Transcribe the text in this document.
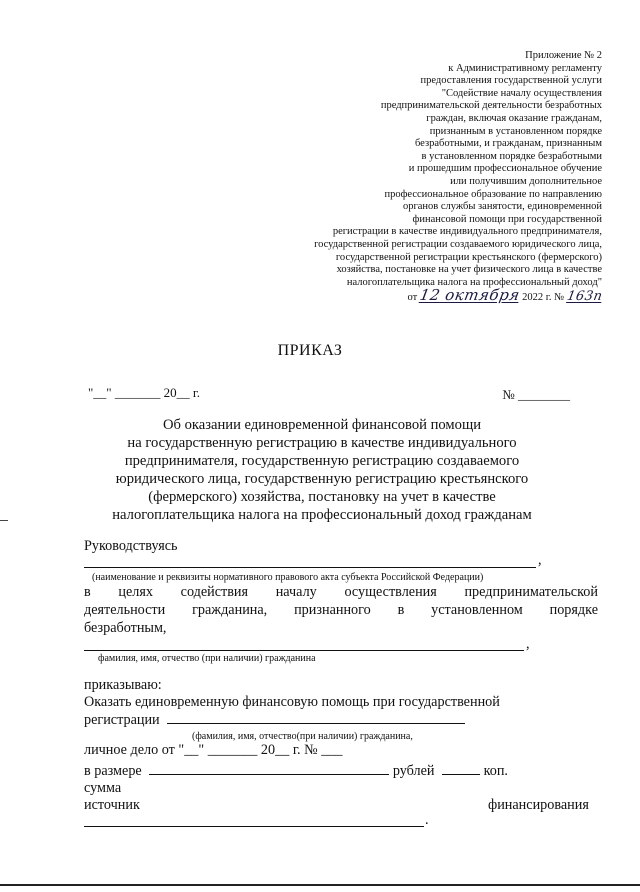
Приложение № 2
к Административному регламенту
предоставления государственной услуги
"Содействие началу осуществления
предпринимательской деятельности безработных
граждан, включая оказание гражданам,
признанным в установленном порядке
безработными, и гражданам, признанным
в установленном порядке безработными
и прошедшим профессиональное обучение
или получившим дополнительное
профессиональное образование по направлению
органов службы занятости, единовременной
финансовой помощи при государственной
регистрации в качестве индивидуального предпринимателя,
государственной регистрации создаваемого юридического лица,
государственной регистрации крестьянского (фермерского)
хозяйства, постановке на учет физического лица в качестве
налогоплательщика налога на профессиональный доход"
от 12 октября 2022 г. № 163п
ПРИКАЗ
"__" _______ 20__ г.	№ ________
Об оказании единовременной финансовой помощи
на государственную регистрацию в качестве индивидуального
предпринимателя, государственную регистрацию создаваемого
юридического лица, государственную регистрацию крестьянского
(фермерского) хозяйства, постановку на учет в качестве
налогоплательщика налога на профессиональный доход гражданам
Руководствуясь
,
(наименование и реквизиты нормативного правового акта субъекта Российской Федерации)
в целях содействия началу осуществления предпринимательской
деятельности гражданина, признанного в установленном порядке
безработным,
,
фамилия, имя, отчество (при наличии) гражданина
приказываю:
Оказать единовременную финансовую помощь при государственной
регистрации
(фамилия, имя, отчество(при наличии) гражданина,
личное дело от "__" _______ 20__ г. № ___
в размере	рублей	коп.
сумма
источник	финансирования
.
